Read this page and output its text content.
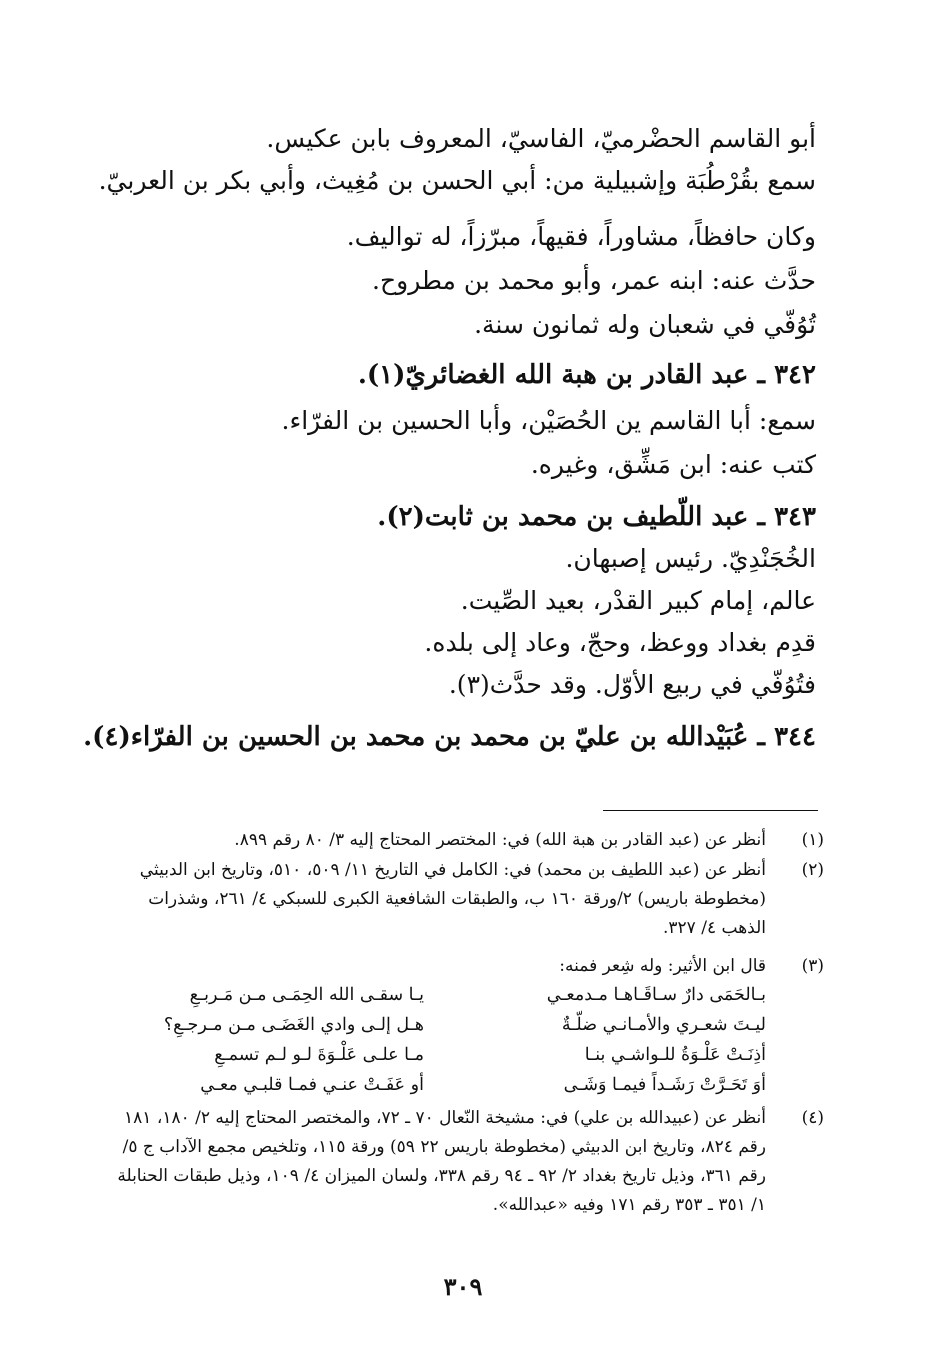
أبو القاسم الحضْرميّ، الفاسيّ، المعروف بابن عكيس.
سمع بقُرْطُبَة وإشبيلية من: أبي الحسن بن مُغِيث، وأبي بكر بن العربيّ.
وكان حافظاً، مشاوراً، فقيهاً، مبرّزاً، له تواليف.
حدَّث عنه: ابنه عمر، وأبو محمد بن مطروح.
تُوُفّي في شعبان وله ثمانون سنة.
٣٤٢ ـ عبد القادر بن هبة الله الغضائريّ(١).
سمع: أبا القاسم ين الحُصَيْن، وأبا الحسين بن الفرّاء.
كتب عنه: ابن مَشِّق، وغيره.
٣٤٣ ـ عبد اللّطيف بن محمد بن ثابت(٢).
الخُجَنْدِيّ. رئيس إصبهان.
عالم، إمام كبير القدْر، بعيد الصِّيت.
قدِم بغداد ووعظ، وحجّ، وعاد إلى بلده.
فتُوُفّي في ربيع الأوّل. وقد حدَّث(٣).
٣٤٤ ـ عُبَيْدالله بن عليّ بن محمد بن محمد بن الحسين بن الفرّاء(٤).
(١)
أنظر عن (عبد القادر بن هبة الله) في: المختصر المحتاج إليه ٣/ ٨٠ رقم ٨٩٩.
(٢)
أنظر عن (عبد اللطيف بن محمد) في: الكامل في التاريخ ١١/ ٥٠٩، ٥١٠، وتاريخ ابن الدبيثي (مخطوطة باريس) ٢/ورقة ١٦٠ ب، والطبقات الشافعية الكبرى للسبكي ٤/ ٢٦١، وشذرات الذهب ٤/ ٣٢٧.
(٣)
قال ابن الأثير: وله شِعر فمنه:
بـالحَمَى دارٌ سـاقَـاهـا مـدمعـي
يـا سقـى الله الحِمَـى مـن مَـربـعِ
ليـتَ شعـري والأمـانـي ضلّـةٌ
هـل إلـى وادي الغَضَـى مـن مـرجـعِ؟
أذِنَـتْ عَلْـوَةُ للـواشـي بنـا
مـا علـى عَلْـوَةَ لـو لـم تسمـعِ
أوَ تَحَـرَّتْ رَشَـداً فيمـا وَشَـى
أو عَفَـتْ عنـي فمـا قلبـي معـي
(٤)
أنظر عن (عبيدالله بن علي) في: مشيخة النّعال ٧٠ ـ ٧٢، والمختصر المحتاج إليه ٢/ ١٨٠، ١٨١ رقم ٨٢٤، وتاريخ ابن الدبيثي (مخطوطة باريس ٢٢ ٥٩) ورقة ١١٥، وتلخيص مجمع الآداب ج ٥/رقم ٣٦١، وذيل تاريخ بغداد ٢/ ٩٢ ـ ٩٤ رقم ٣٣٨، ولسان الميزان ٤/ ١٠٩، وذيل طبقات الحنابلة ١/ ٣٥١ ـ ٣٥٣ رقم ١٧١ وفيه «عبدالله».
٣٠٩
